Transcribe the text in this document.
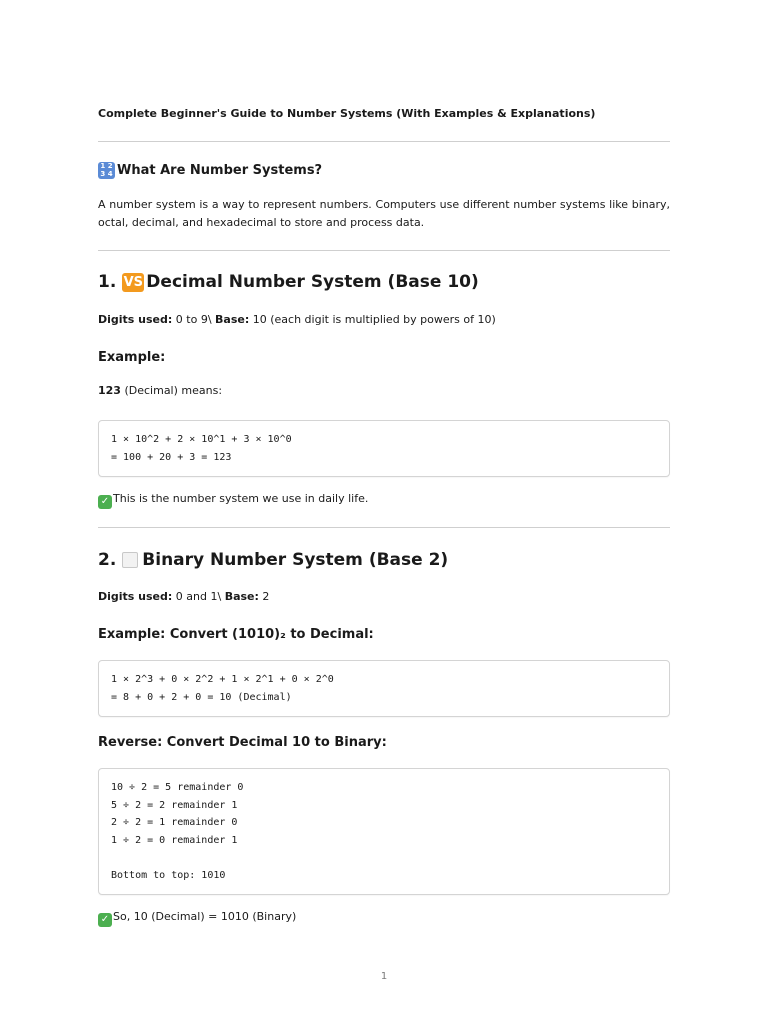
Complete Beginner's Guide to Number Systems (With Examples & Explanations)
1 2
3 4 What Are Number Systems?
A number system is a way to represent numbers. Computers use different number systems like binary, octal, decimal, and hexadecimal to store and process data.
1. VS Decimal Number System (Base 10)
Digits used: 0 to 9\ Base: 10 (each digit is multiplied by powers of 10)
Example:
123 (Decimal) means:
1 × 10^2 + 2 × 10^1 + 3 × 10^0
= 100 + 20 + 3 = 123
✓ This is the number system we use in daily life.
2. Binary Number System (Base 2)
Digits used: 0 and 1\ Base: 2
Example: Convert (1010)₂ to Decimal:
1 × 2^3 + 0 × 2^2 + 1 × 2^1 + 0 × 2^0
= 8 + 0 + 2 + 0 = 10 (Decimal)
Reverse: Convert Decimal 10 to Binary:
10 ÷ 2 = 5 remainder 0
5 ÷ 2 = 2 remainder 1
2 ÷ 2 = 1 remainder 0
1 ÷ 2 = 0 remainder 1
Bottom to top: 1010
✓ So, 10 (Decimal) = 1010 (Binary)
1
